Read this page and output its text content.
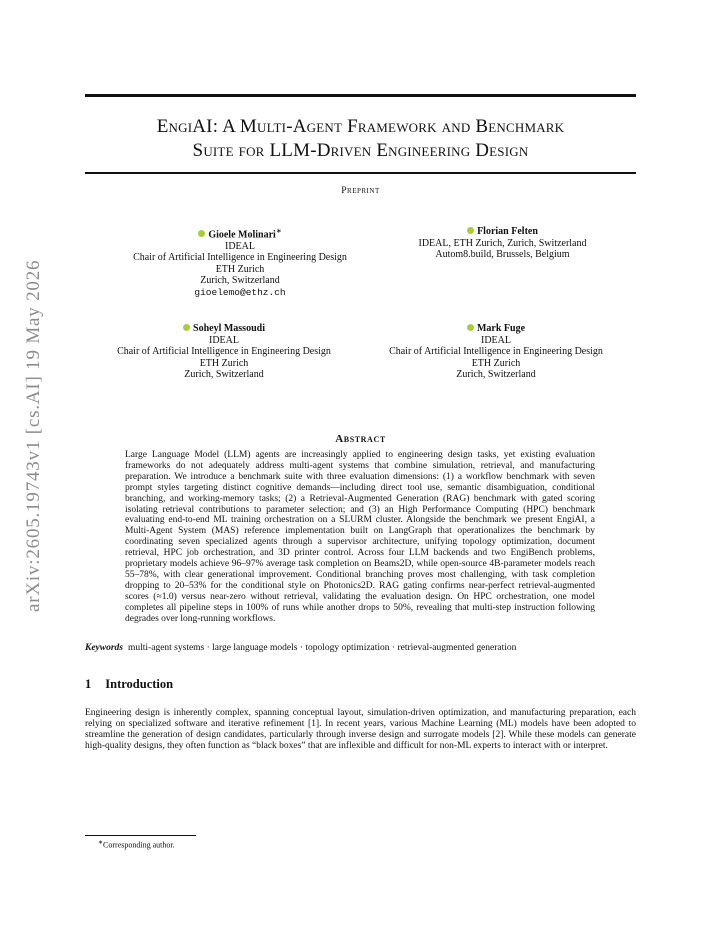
arXiv:2605.19743v1 [cs.AI] 19 May 2026
EngiAI: A Multi-Agent Framework and Benchmark
Suite for LLM-Driven Engineering Design
Preprint
Gioele Molinari∗
IDEAL
Chair of Artificial Intelligence in Engineering Design
ETH Zurich
Zurich, Switzerland
gioelemo@ethz.ch
Florian Felten
IDEAL, ETH Zurich, Zurich, Switzerland
Autom8.build, Brussels, Belgium
Soheyl Massoudi
IDEAL
Chair of Artificial Intelligence in Engineering Design
ETH Zurich
Zurich, Switzerland
Mark Fuge
IDEAL
Chair of Artificial Intelligence in Engineering Design
ETH Zurich
Zurich, Switzerland
Abstract
Large Language Model (LLM) agents are increasingly applied to engineering design tasks, yet existing evaluation frameworks do not adequately address multi-agent systems that combine simulation, retrieval, and manufacturing preparation. We introduce a benchmark suite with three evaluation dimensions: (1) a workflow benchmark with seven prompt styles targeting distinct cognitive demands—including direct tool use, semantic disambiguation, conditional branching, and working-memory tasks; (2) a Retrieval-Augmented Generation (RAG) benchmark with gated scoring isolating retrieval contributions to parameter selection; and (3) an High Performance Computing (HPC) benchmark evaluating end-to-end ML training orchestration on a SLURM cluster. Alongside the benchmark we present EngiAI, a Multi-Agent System (MAS) reference implementation built on LangGraph that operationalizes the benchmark by coordinating seven specialized agents through a supervisor architecture, unifying topology optimization, document retrieval, HPC job orchestration, and 3D printer control. Across four LLM backends and two EngiBench problems, proprietary models achieve 96–97% average task completion on Beams2D, while open-source 4B-parameter models reach 55–78%, with clear generational improvement. Conditional branching proves most challenging, with task completion dropping to 20–53% for the conditional style on Photonics2D. RAG gating confirms near-perfect retrieval-augmented scores (≈1.0) versus near-zero without retrieval, validating the evaluation design. On HPC orchestration, one model completes all pipeline steps in 100% of runs while another drops to 50%, revealing that multi-step instruction following degrades over long-running workflows.
Keywords multi-agent systems · large language models · topology optimization · retrieval-augmented generation
1 Introduction
Engineering design is inherently complex, spanning conceptual layout, simulation-driven optimization, and manufacturing preparation, each relying on specialized software and iterative refinement [1]. In recent years, various Machine Learning (ML) models have been adopted to streamline the generation of design candidates, particularly through inverse design and surrogate models [2]. While these models can generate high-quality designs, they often function as “black boxes” that are inflexible and difficult for non-ML experts to interact with or interpret.
∗Corresponding author.
